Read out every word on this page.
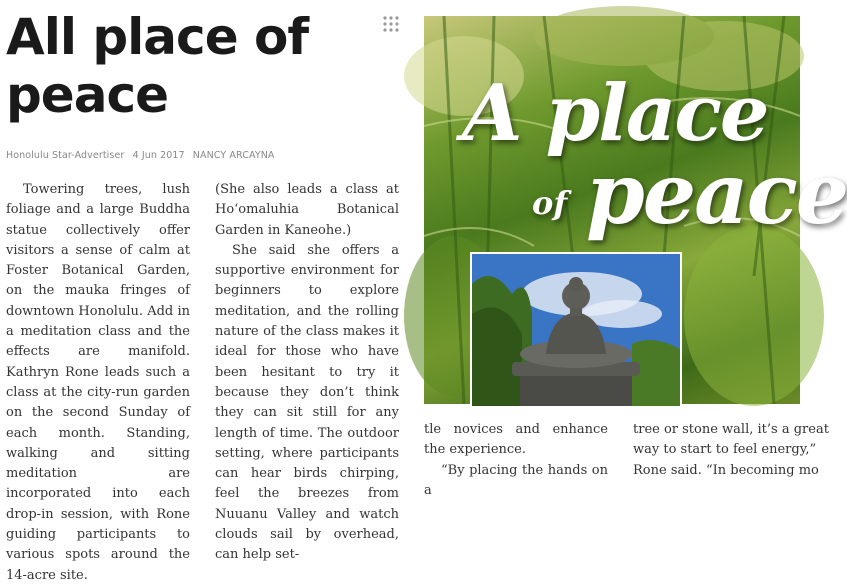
All place of peace
Honolulu Star-Advertiser 4 Jun 2017 NANCY ARCAYNA

Towering trees, lush foliage and a large Buddha statue collectively offer visitors a sense of calm at Foster Botanical Garden, on the mauka fringes of downtown Honolulu. Add in a meditation class and the effects are manifold. Kathryn Rone leads such a class at the city-run garden on the second Sunday of each month. Standing, walking and sitting meditation are incorporated into each drop-in session, with Rone guiding participants to various spots around the 14-acre site.

(She also leads a class at Ho‘omaluhia Botanical Garden in Kaneohe.)

She said she offers a supportive environment for beginners to explore meditation, and the rolling nature of the class makes it ideal for those who have been hesitant to try it because they don’t think they can sit still for any length of time. The outdoor setting, where participants can hear birds chirping, feel the breezes from Nuuanu Valley and watch clouds sail by overhead, can help set-

A place
of peace

tle novices and enhance the experience.

“By placing the hands on a

tree or stone wall, it’s a great
way to start to feel energy,”
Rone said. “In becoming mo
